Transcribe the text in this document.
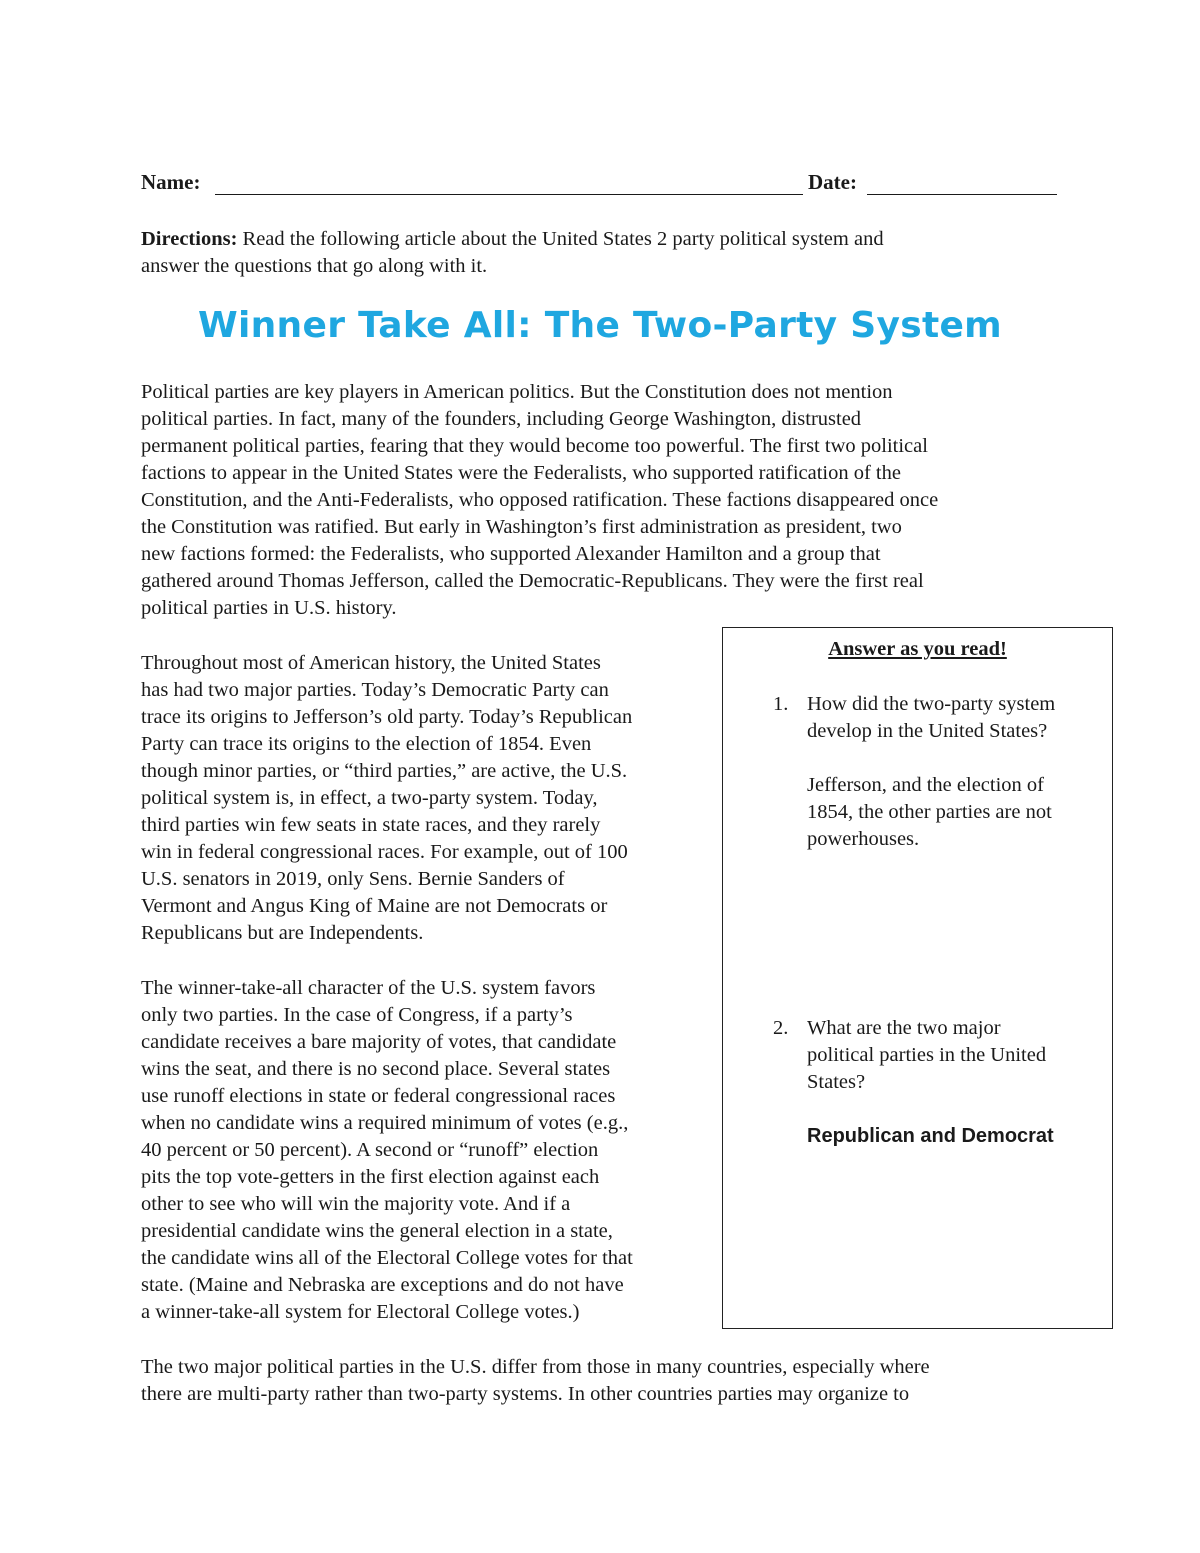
Name:	Date:
Directions: Read the following article about the United States 2 party political system and
answer the questions that go along with it.
Winner Take All: The Two-Party System
Political parties are key players in American politics. But the Constitution does not mention
political parties. In fact, many of the founders, including George Washington, distrusted
permanent political parties, fearing that they would become too powerful. The first two political
factions to appear in the United States were the Federalists, who supported ratification of the
Constitution, and the Anti-Federalists, who opposed ratification. These factions disappeared once
the Constitution was ratified. But early in Washington’s first administration as president, two
new factions formed: the Federalists, who supported Alexander Hamilton and a group that
gathered around Thomas Jefferson, called the Democratic-Republicans. They were the first real
political parties in U.S. history.
Throughout most of American history, the United States
has had two major parties. Today’s Democratic Party can
trace its origins to Jefferson’s old party. Today’s Republican
Party can trace its origins to the election of 1854. Even
though minor parties, or “third parties,” are active, the U.S.
political system is, in effect, a two-party system. Today,
third parties win few seats in state races, and they rarely
win in federal congressional races. For example, out of 100
U.S. senators in 2019, only Sens. Bernie Sanders of
Vermont and Angus King of Maine are not Democrats or
Republicans but are Independents.
The winner-take-all character of the U.S. system favors
only two parties. In the case of Congress, if a party’s
candidate receives a bare majority of votes, that candidate
wins the seat, and there is no second place. Several states
use runoff elections in state or federal congressional races
when no candidate wins a required minimum of votes (e.g.,
40 percent or 50 percent). A second or “runoff” election
pits the top vote-getters in the first election against each
other to see who will win the majority vote. And if a
presidential candidate wins the general election in a state,
the candidate wins all of the Electoral College votes for that
state. (Maine and Nebraska are exceptions and do not have
a winner-take-all system for Electoral College votes.)
Answer as you read!
1. How did the two-party system
develop in the United States?
Jefferson, and the election of
1854, the other parties are not
powerhouses.
2. What are the two major
political parties in the United
States?
Republican and Democrat
The two major political parties in the U.S. differ from those in many countries, especially where
there are multi-party rather than two-party systems. In other countries parties may organize to
